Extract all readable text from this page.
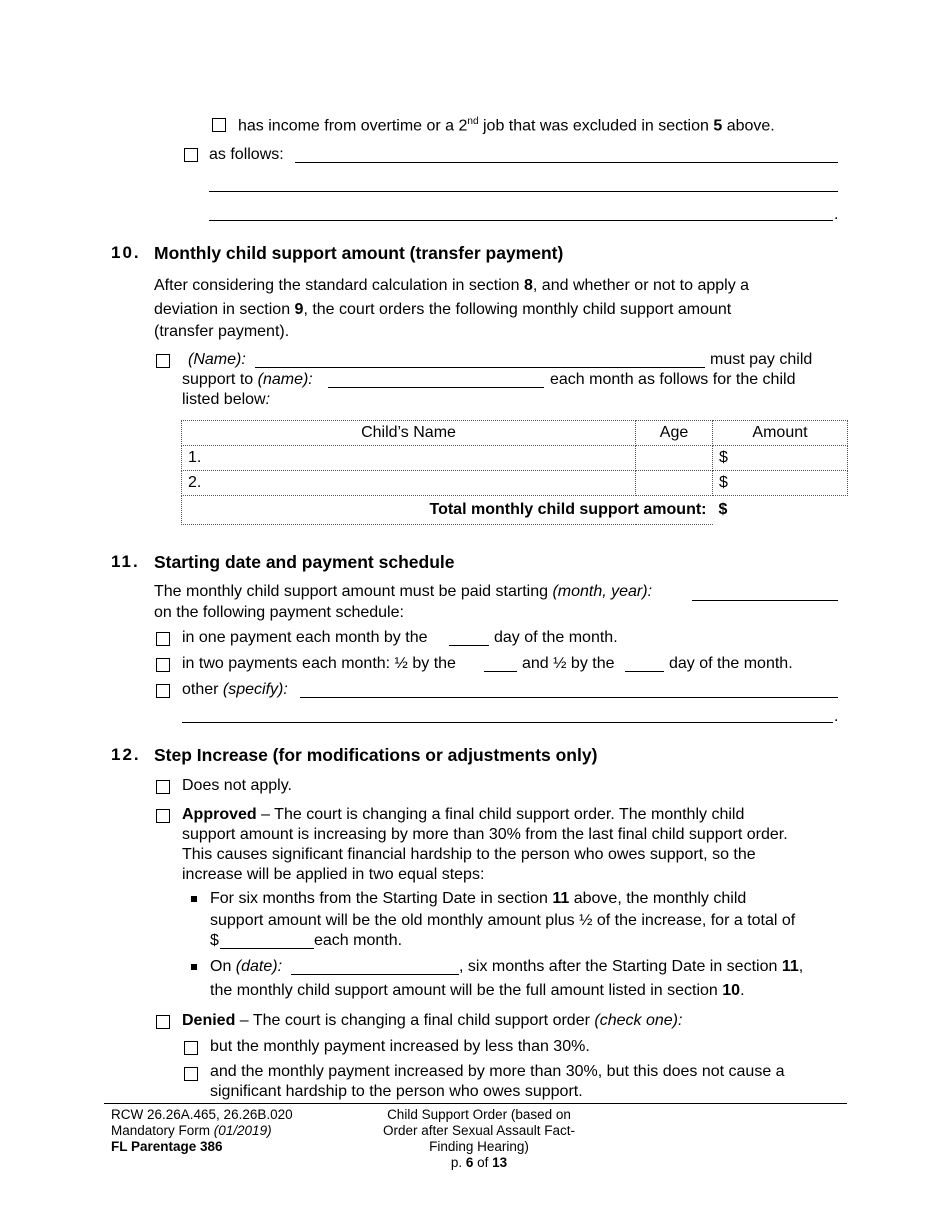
has income from overtime or a 2nd job that was excluded in section 5 above.
as follows:
.
10. Monthly child support amount (transfer payment)
After considering the standard calculation in section 8, and whether or not to apply a
deviation in section 9, the court orders the following monthly child support amount
(transfer payment).
(Name):	must pay child
support to (name):	each month as follows for the child
listed below:
Child’s Name	Age	Amount
1.		$
2.		$
Total monthly child support amount:		$
11. Starting date and payment schedule
The monthly child support amount must be paid starting (month, year):
on the following payment schedule:
in one payment each month by the	day of the month.
in two payments each month: ½ by the	and ½ by the	day of the month.
other (specify):
.
12. Step Increase (for modifications or adjustments only)
Does not apply.
Approved – The court is changing a final child support order. The monthly child
support amount is increasing by more than 30% from the last final child support order.
This causes significant financial hardship to the person who owes support, so the
increase will be applied in two equal steps:
For six months from the Starting Date in section 11 above, the monthly child
support amount will be the old monthly amount plus ½ of the increase, for a total of
$	each month.
On (date):	, six months after the Starting Date in section 11,
the monthly child support amount will be the full amount listed in section 10.
Denied – The court is changing a final child support order (check one):
but the monthly payment increased by less than 30%.
and the monthly payment increased by more than 30%, but this does not cause a
significant hardship to the person who owes support.
RCW 26.26A.465, 26.26B.020
Mandatory Form (01/2019)
FL Parentage 386
Child Support Order (based on
Order after Sexual Assault Fact-
Finding Hearing)
p. 6 of 13
